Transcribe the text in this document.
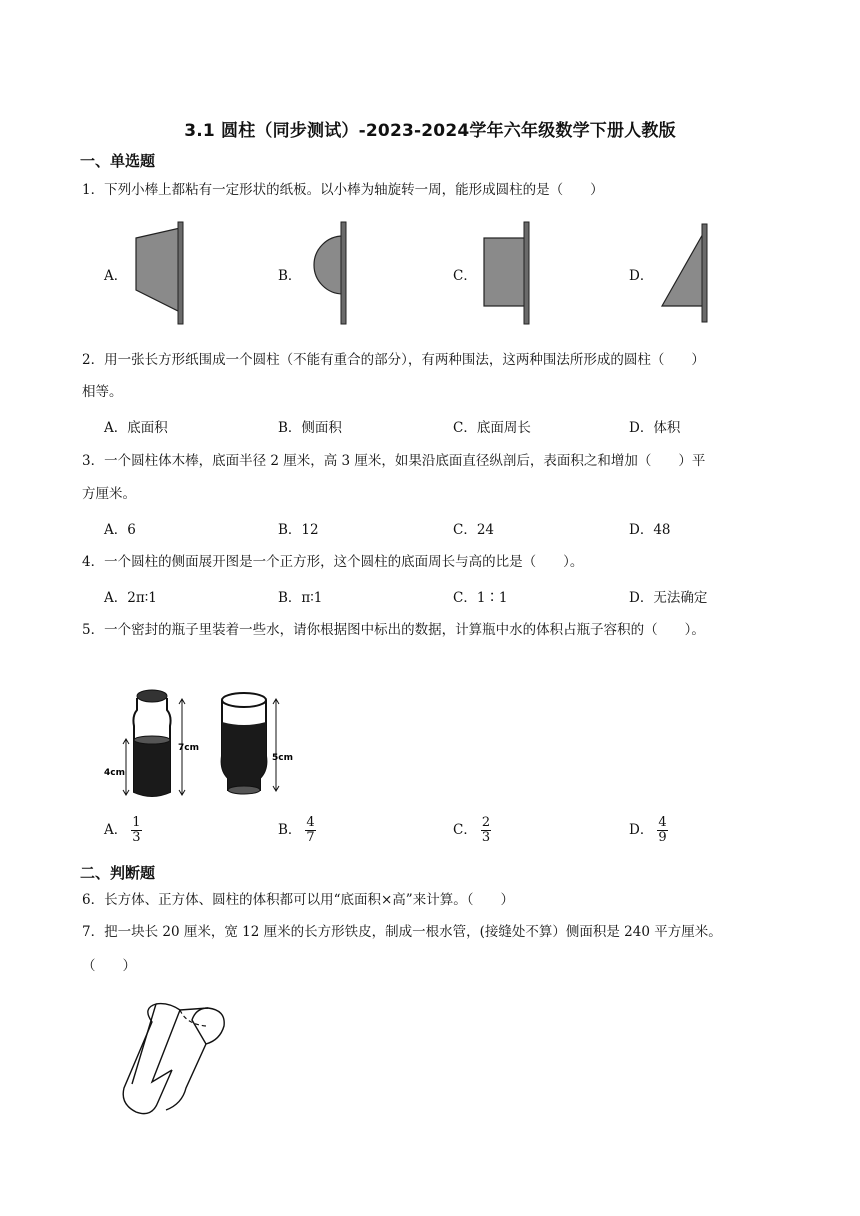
3.1 圆柱（同步测试）-2023-2024学年六年级数学下册人教版
一、单选题
1．下列小棒上都粘有一定形状的纸板。以小棒为轴旋转一周，能形成圆柱的是（　　）
A．	B．	C．	D．
2．用一张长方形纸围成一个圆柱（不能有重合的部分），有两种围法，这两种围法所形成的圆柱（　　）
相等。
A．底面积	B．侧面积	C．底面周长	D．体积
3．一个圆柱体木棒，底面半径 2 厘米，高 3 厘米，如果沿底面直径纵剖后，表面积之和增加（　　）平
方厘米。
A．6	B．12	C．24	D．48
4．一个圆柱的侧面展开图是一个正方形，这个圆柱的底面周长与高的比是（　　）。
A．2π∶1	B．π∶1	C．1∶1	D．无法确定
5．一个密封的瓶子里装着一些水，请你根据图中标出的数据，计算瓶中水的体积占瓶子容积的（　　）。
4cm
7cm
5cm
A． $\frac{1}{3}$	B． $\frac{4}{7}$	C． $\frac{2}{3}$	D． $\frac{4}{9}$
二、判断题
6．长方体、正方体、圆柱的体积都可以用“底面积×高”来计算。（　　）
7．把一块长 20 厘米，宽 12 厘米的长方形铁皮，制成一根水管，(接缝处不算）侧面积是 240 平方厘米。
（　　）
